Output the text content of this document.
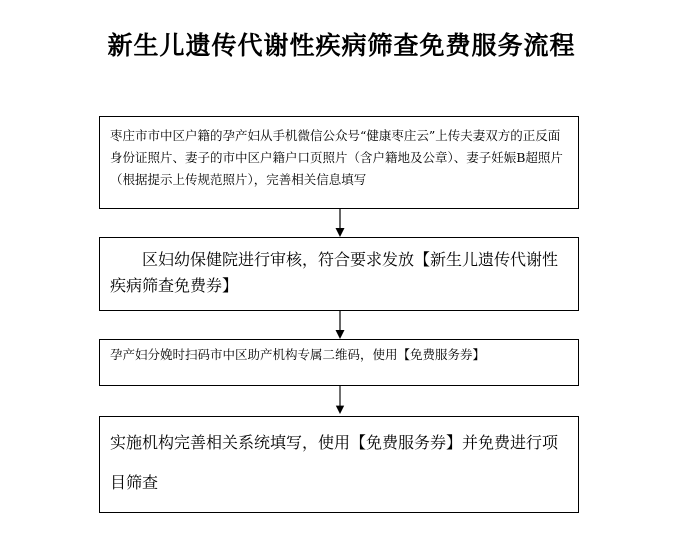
新生儿遗传代谢性疾病筛查免费服务流程
枣庄市市中区户籍的孕产妇从手机微信公众号“健康枣庄云”上传夫妻双方的正反面身份证照片、妻子的市中区户籍户口页照片（含户籍地及公章）、妻子妊娠B超照片（根据提示上传规范照片），完善相关信息填写
区妇幼保健院进行审核，符合要求发放【新生儿遗传代谢性疾病筛查免费券】
孕产妇分娩时扫码市中区助产机构专属二维码，使用【免费服务券】
实施机构完善相关系统填写，使用【免费服务券】并免费进行项目筛查
